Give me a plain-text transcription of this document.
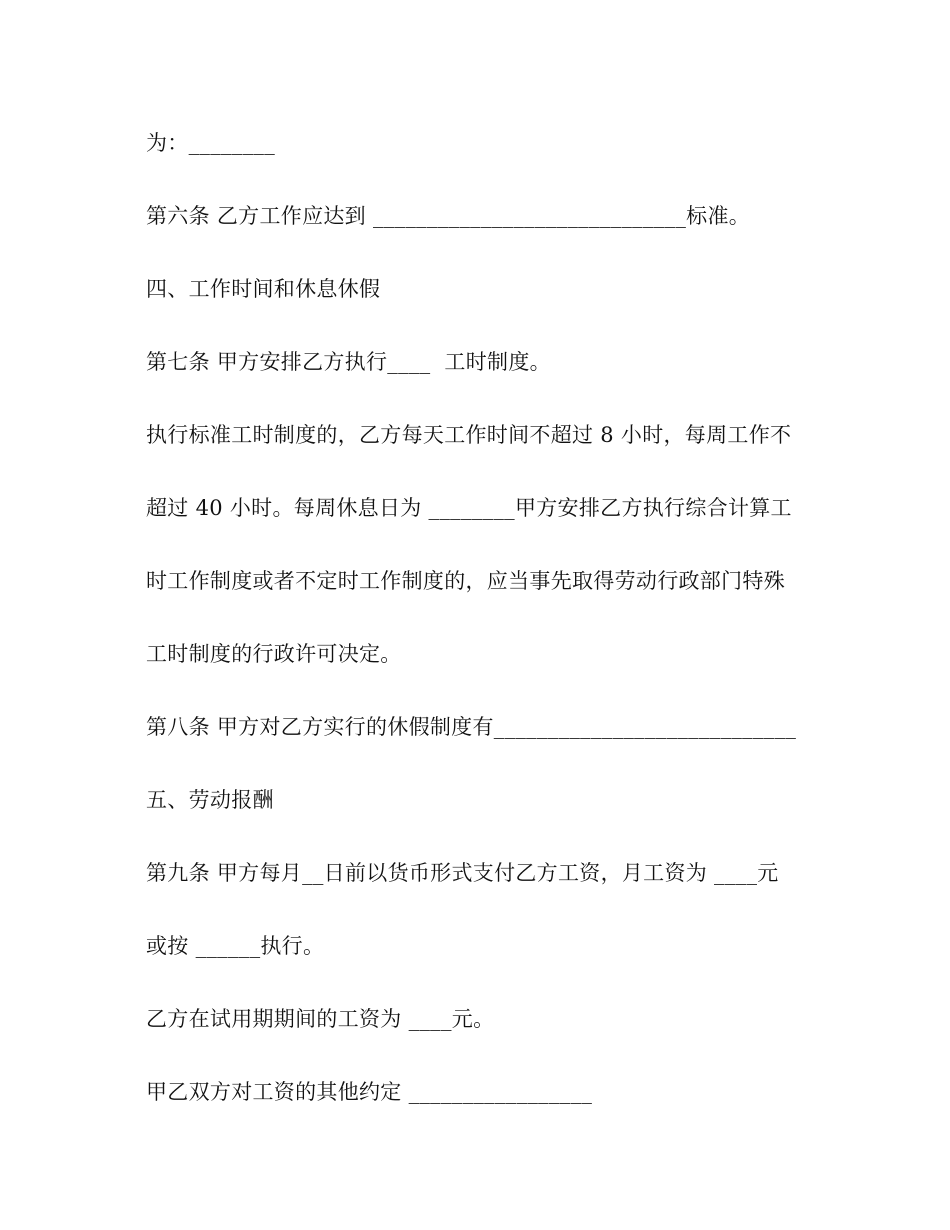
为：________
第六条 乙方工作应达到 _____________________________标准。
四、工作时间和休息休假
第七条 甲方安排乙方执行____  工时制度。
执行标准工时制度的，乙方每天工作时间不超过 8 小时，每周工作不
超过 40 小时。每周休息日为 ________甲方安排乙方执行综合计算工
时工作制度或者不定时工作制度的，应当事先取得劳动行政部门特殊
工时制度的行政许可决定。
第八条 甲方对乙方实行的休假制度有____________________________
五、劳动报酬
第九条 甲方每月__日前以货币形式支付乙方工资，月工资为 ____元
或按 ______执行。
乙方在试用期期间的工资为 ____元。
甲乙双方对工资的其他约定 _________________
